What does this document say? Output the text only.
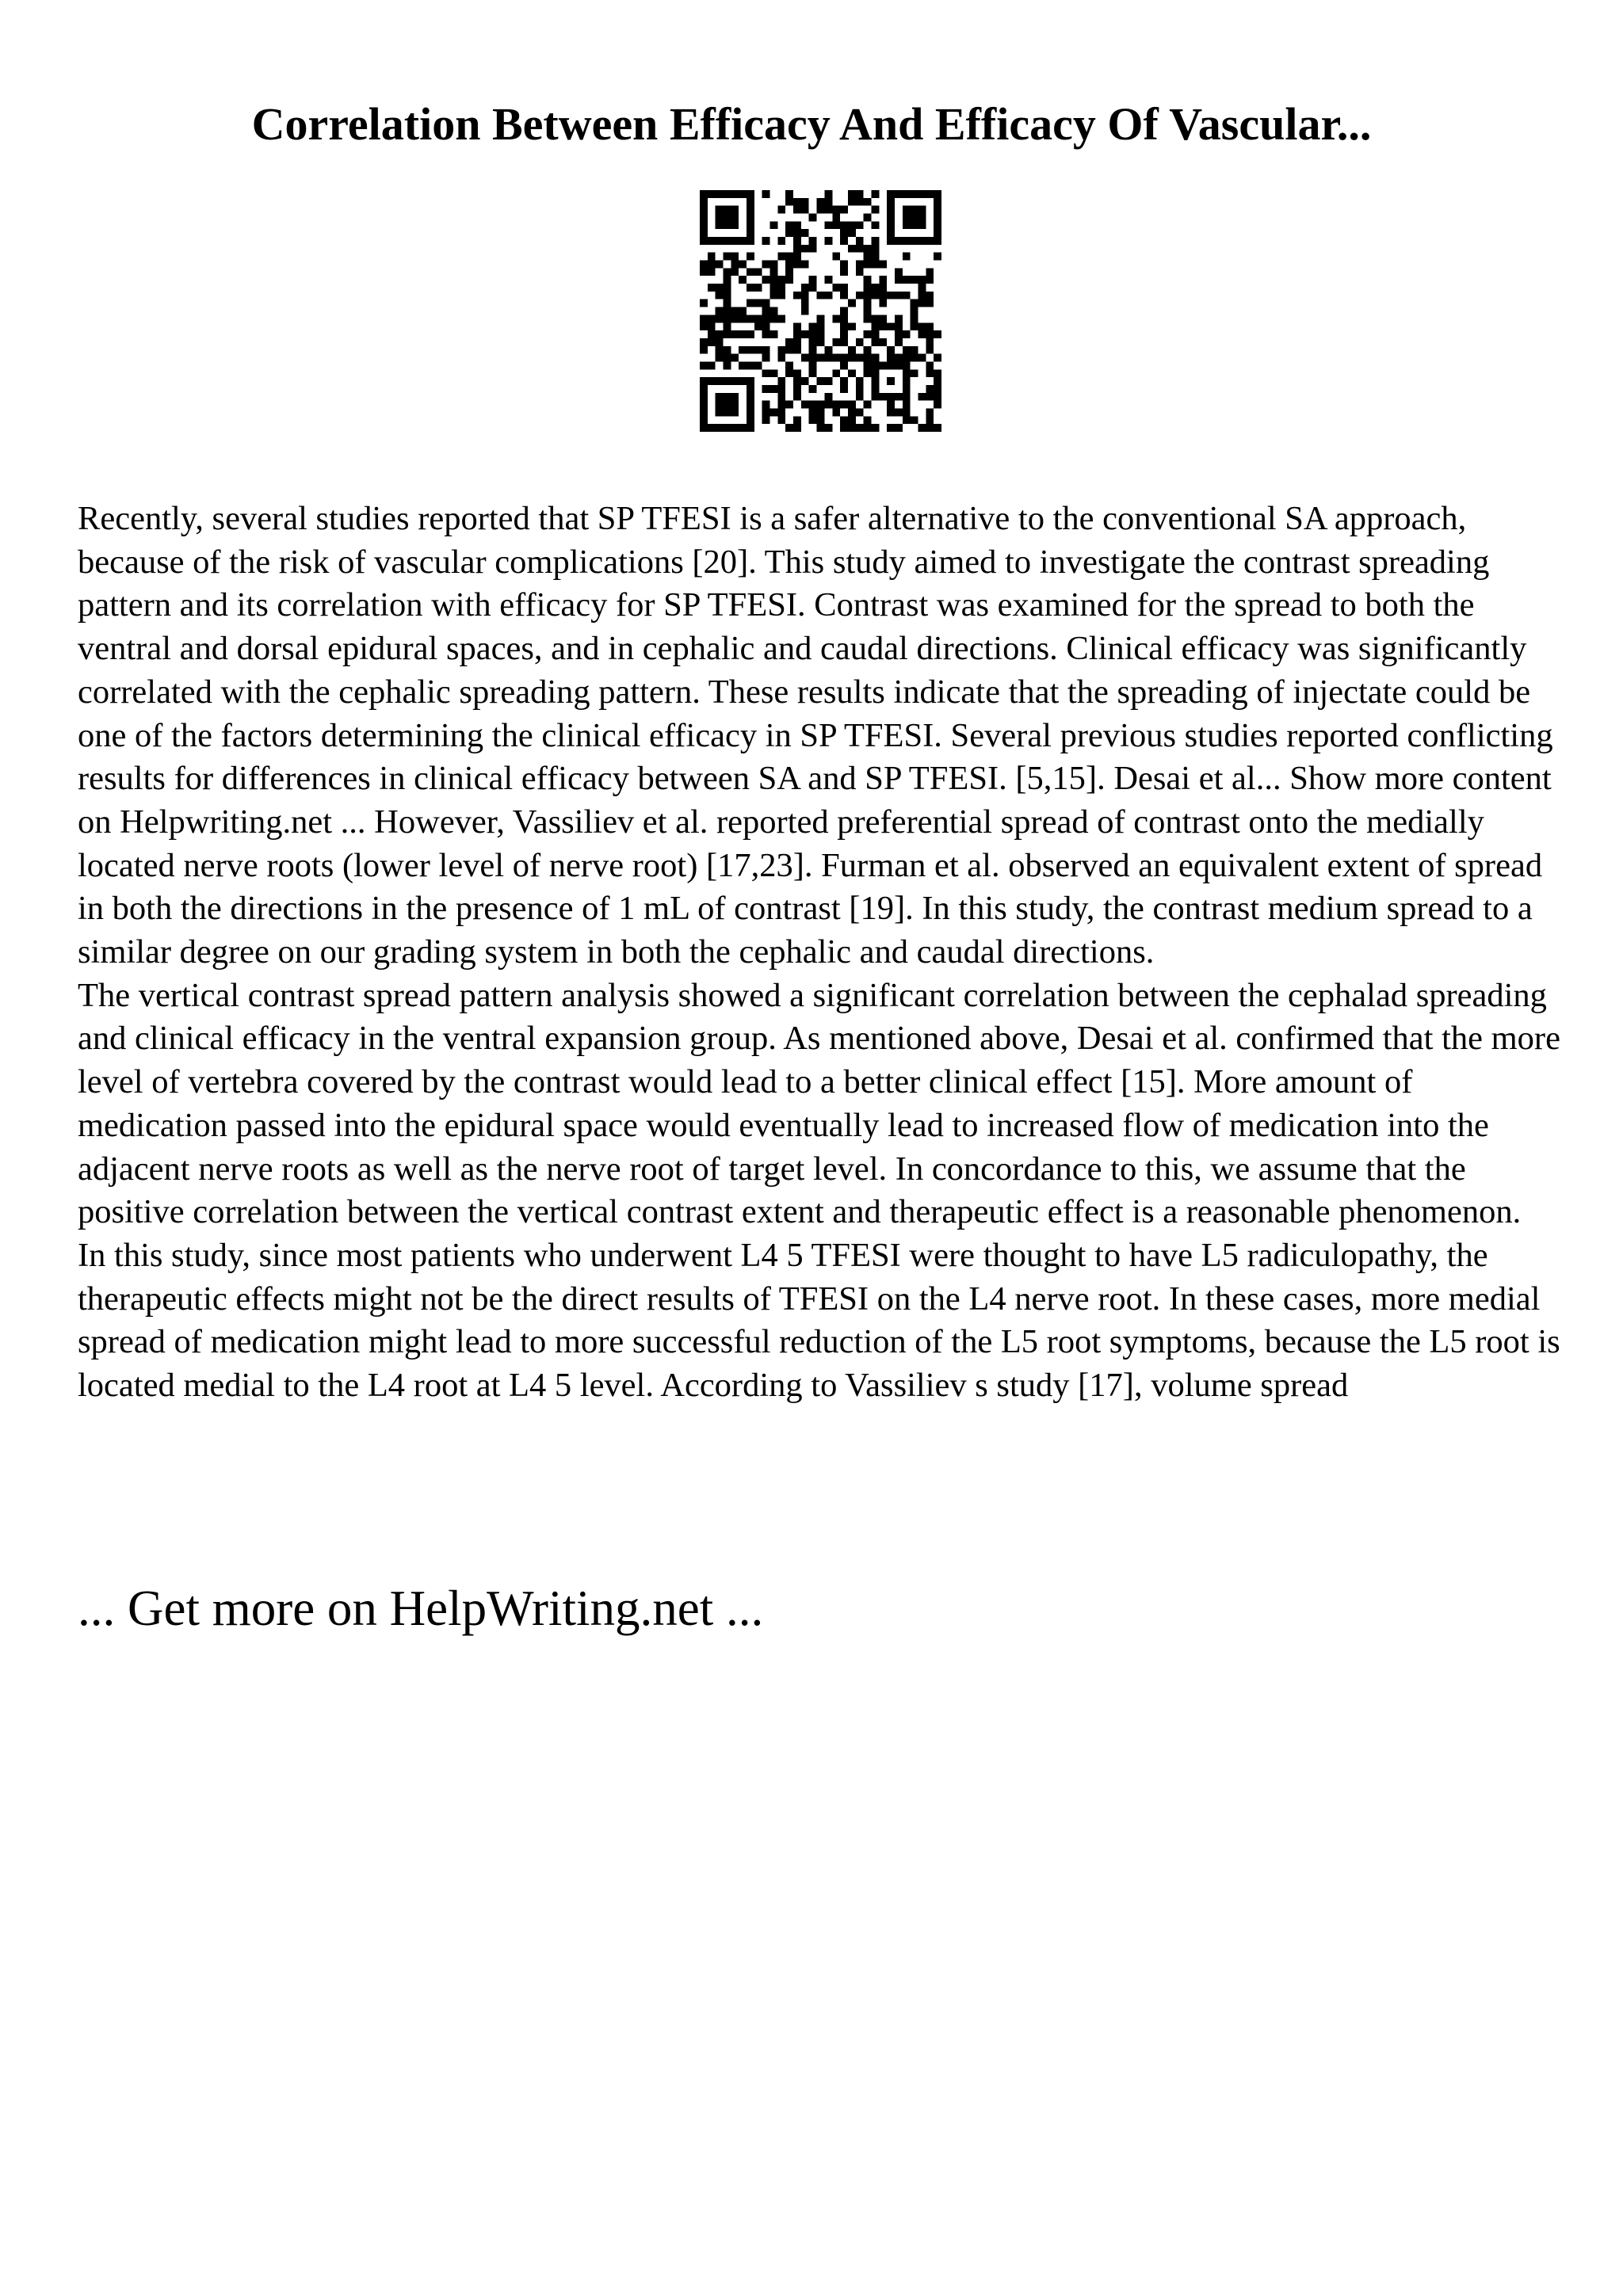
Correlation Between Efficacy And Efficacy Of Vascular...

Recently, several studies reported that SP TFESI is a safer alternative to the conventional SA approach, because of the risk of vascular complications [20]. This study aimed to investigate the contrast spreading pattern and its correlation with efficacy for SP TFESI. Contrast was examined for the spread to both the ventral and dorsal epidural spaces, and in cephalic and caudal directions. Clinical efficacy was significantly correlated with the cephalic spreading pattern. These results indicate that the spreading of injectate could be one of the factors determining the clinical efficacy in SP TFESI. Several previous studies reported conflicting results for differences in clinical efficacy between SA and SP TFESI. [5,15]. Desai et al... Show more content on Helpwriting.net ... However, Vassiliev et al. reported preferential spread of contrast onto the medially located nerve roots (lower level of nerve root) [17,23]. Furman et al. observed an equivalent extent of spread in both the directions in the presence of 1 mL of contrast [19]. In this study, the contrast medium spread to a similar degree on our grading system in both the cephalic and caudal directions.

The vertical contrast spread pattern analysis showed a significant correlation between the cephalad spreading and clinical efficacy in the ventral expansion group. As mentioned above, Desai et al. confirmed that the more level of vertebra covered by the contrast would lead to a better clinical effect [15]. More amount of medication passed into the epidural space would eventually lead to increased flow of medication into the adjacent nerve roots as well as the nerve root of target level. In concordance to this, we assume that the positive correlation between the vertical contrast extent and therapeutic effect is a reasonable phenomenon.

In this study, since most patients who underwent L4 5 TFESI were thought to have L5 radiculopathy, the therapeutic effects might not be the direct results of TFESI on the L4 nerve root. In these cases, more medial spread of medication might lead to more successful reduction of the L5 root symptoms, because the L5 root is located medial to the L4 root at L4 5 level. According to Vassiliev s study [17], volume spread

... Get more on HelpWriting.net ...
